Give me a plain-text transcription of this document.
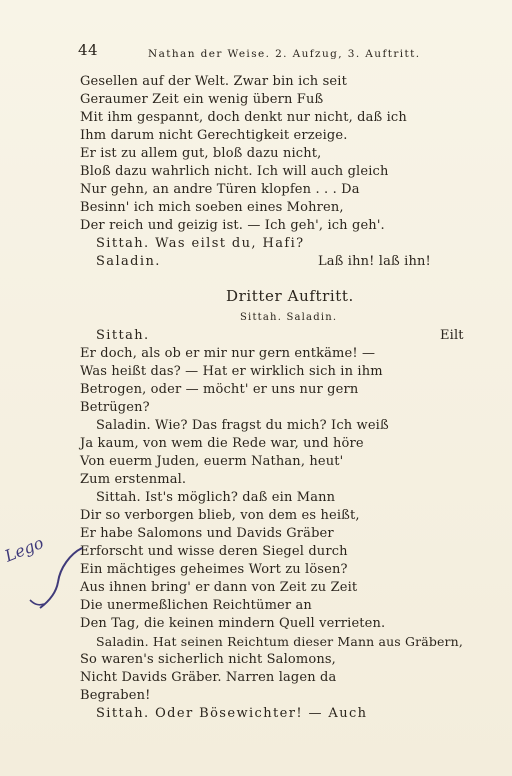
44	Nathan der Weise. 2. Aufzug, 3. Auftritt.
Gesellen auf der Welt. Zwar bin ich seit
Geraumer Zeit ein wenig übern Fuß
Mit ihm gespannt, doch denkt nur nicht, daß ich
Ihm darum nicht Gerechtigkeit erzeige.
Er ist zu allem gut, bloß dazu nicht,
Bloß dazu wahrlich nicht. Ich will auch gleich
Nur gehn, an andre Türen klopfen . . . Da
Besinn' ich mich soeben eines Mohren,
Der reich und geizig ist. — Ich geh', ich geh'.
Sittah. Was eilst du, Hafi?
Saladin.	Laß ihn! laß ihn!
Dritter Auftritt.
Sittah. Saladin.
Sittah.	Eilt
Er doch, als ob er mir nur gern entkäme! —
Was heißt das? — Hat er wirklich sich in ihm
Betrogen, oder — möcht' er uns nur gern
Betrügen?
Saladin. Wie? Das fragst du mich? Ich weiß
Ja kaum, von wem die Rede war, und höre
Von euerm Juden, euerm Nathan, heut'
Zum erstenmal.
Sittah. Ist's möglich? daß ein Mann
Dir so verborgen blieb, von dem es heißt,
Er habe Salomons und Davids Gräber
Erforscht und wisse deren Siegel durch
Ein mächtiges geheimes Wort zu lösen?
Aus ihnen bring' er dann von Zeit zu Zeit
Die unermeßlichen Reichtümer an
Den Tag, die keinen mindern Quell verrieten.
Saladin. Hat seinen Reichtum dieser Mann aus Gräbern,
So waren's sicherlich nicht Salomons,
Nicht Davids Gräber. Narren lagen da
Begraben!
Sittah. Oder Bösewichter! — Auch
Lego
